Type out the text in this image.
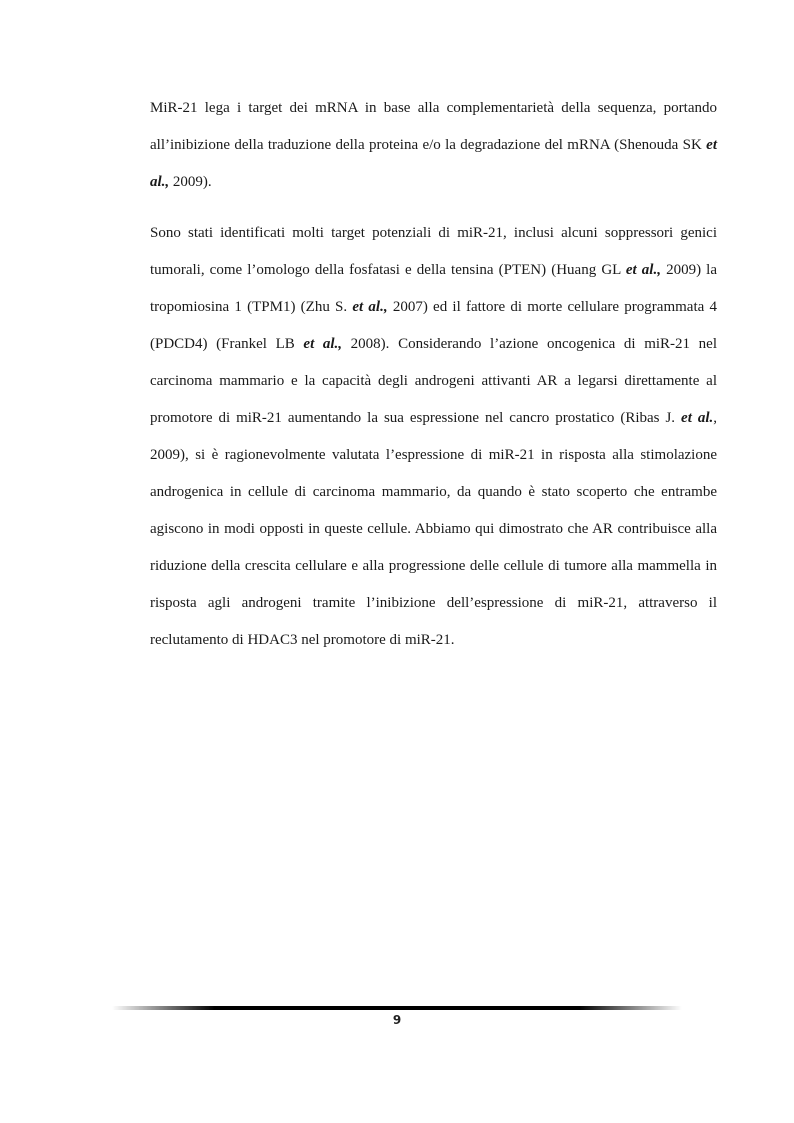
MiR-21 lega i target dei mRNA in base alla complementarietà della sequenza, portando all’inibizione della traduzione della proteina e/o la degradazione del mRNA (Shenouda SK et al., 2009).

Sono stati identificati molti target potenziali di miR-21, inclusi alcuni soppressori genici tumorali, come l’omologo della fosfatasi e della tensina (PTEN) (Huang GL et al., 2009) la tropomiosina 1 (TPM1) (Zhu S. et al., 2007) ed il fattore di morte cellulare programmata 4 (PDCD4) (Frankel LB et al., 2008). Considerando l’azione oncogenica di miR-21 nel carcinoma mammario e la capacità degli androgeni attivanti AR a legarsi direttamente al promotore di miR-21 aumentando la sua espressione nel cancro prostatico (Ribas J. et al., 2009), si è ragionevolmente valutata l’espressione di miR-21 in risposta alla stimolazione androgenica in cellule di carcinoma mammario, da quando è stato scoperto che entrambe agiscono in modi opposti in queste cellule. Abbiamo qui dimostrato che AR contribuisce alla riduzione della crescita cellulare e alla progressione delle cellule di tumore alla mammella in risposta agli androgeni tramite l’inibizione dell’espressione di miR-21, attraverso il reclutamento di HDAC3 nel promotore di miR-21.

9
